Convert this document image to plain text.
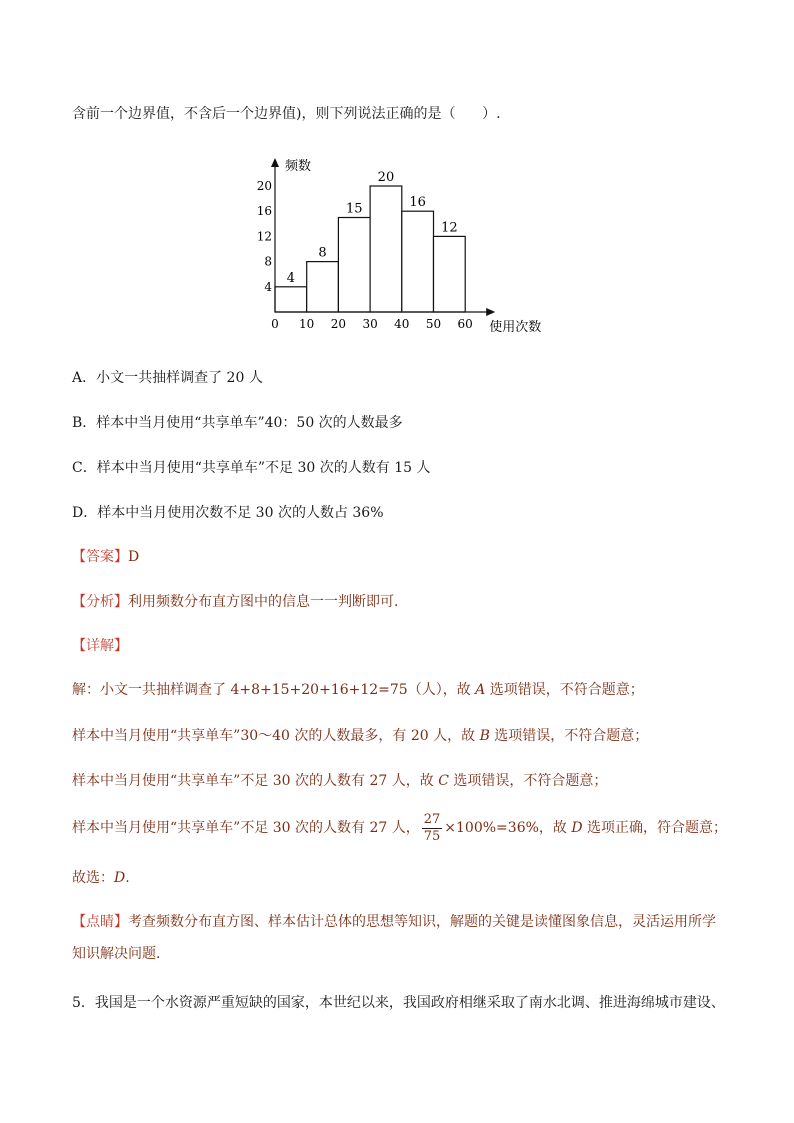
含前一个边界值，不含后一个边界值)，则下列说法正确的是（ ）.
4
8
15
20
16
12
0 10 20 30 40 50 60
4
8
12
16
20
频数
使用次数
A．小文一共抽样调查了 20 人
B．样本中当月使用“共享单车”40：50 次的人数最多
C．样本中当月使用“共享单车”不足 30 次的人数有 15 人
D．样本中当月使用次数不足 30 次的人数占 36%
【答案】D
【分析】利用频数分布直方图中的信息一一判断即可．
【详解】
解：小文一共抽样调查了 4+8+15+20+16+12=75（人），故 A 选项错误，不符合题意；
样本中当月使用“共享单车”30～40 次的人数最多，有 20 人，故 B 选项错误，不符合题意；
样本中当月使用“共享单车”不足 30 次的人数有 27 人，故 C 选项错误，不符合题意；
样本中当月使用“共享单车”不足 30 次的人数有 27 人， $\frac{27}{75} \times 100\%=36\%$，故 D 选项正确，符合题意；
故选：D.
【点睛】考查频数分布直方图、样本估计总体的思想等知识，解题的关键是读懂图象信息，灵活运用所学
知识解决问题．
5．我国是一个水资源严重短缺的国家，本世纪以来，我国政府相继采取了南水北调、推进海绵城市建设、
